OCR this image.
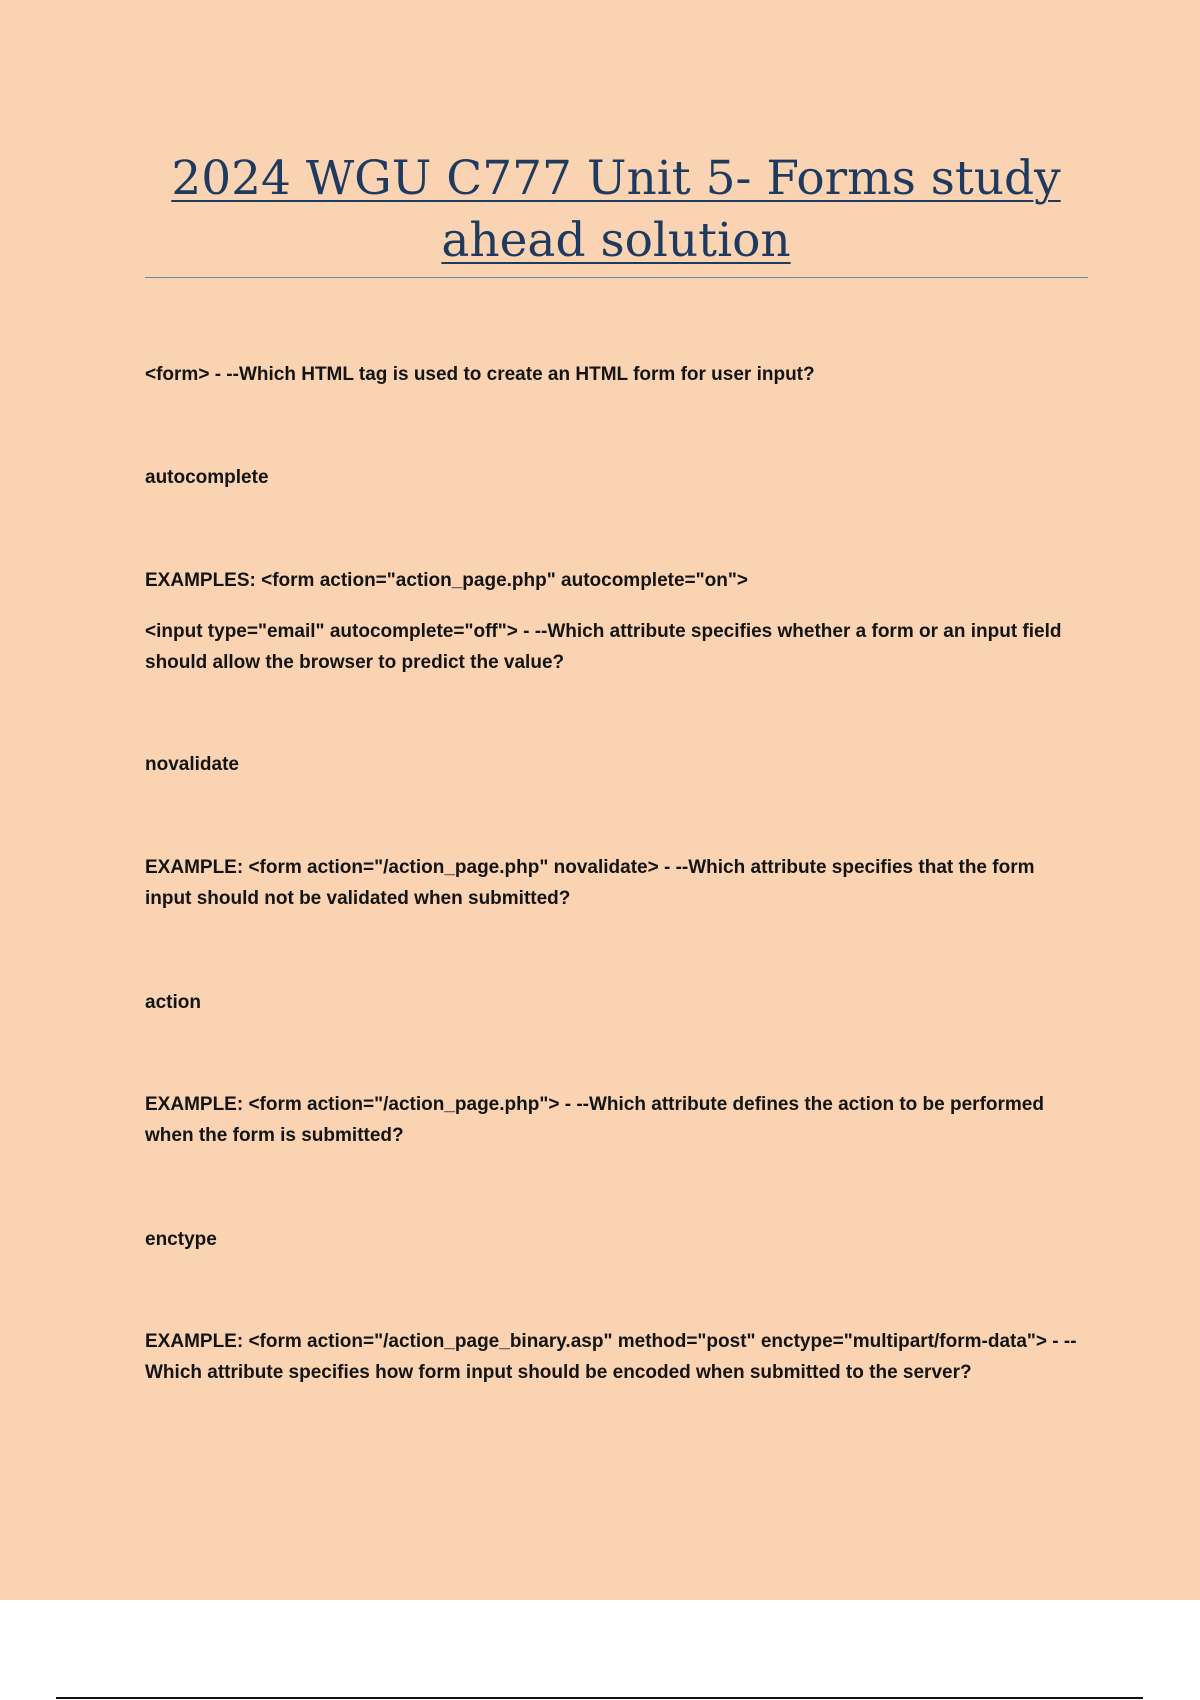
2024 WGU C777 Unit 5- Forms study ahead solution

<form> - --Which HTML tag is used to create an HTML form for user input?

autocomplete

EXAMPLES: <form action="action_page.php" autocomplete="on">

<input type="email" autocomplete="off"> - --Which attribute specifies whether a form or an input field should allow the browser to predict the value?

novalidate

EXAMPLE: <form action="/action_page.php" novalidate> - --Which attribute specifies that the form input should not be validated when submitted?

action

EXAMPLE: <form action="/action_page.php"> - --Which attribute defines the action to be performed when the form is submitted?

enctype

EXAMPLE: <form action="/action_page_binary.asp" method="post" enctype="multipart/form-data"> - --Which attribute specifies how form input should be encoded when submitted to the server?
